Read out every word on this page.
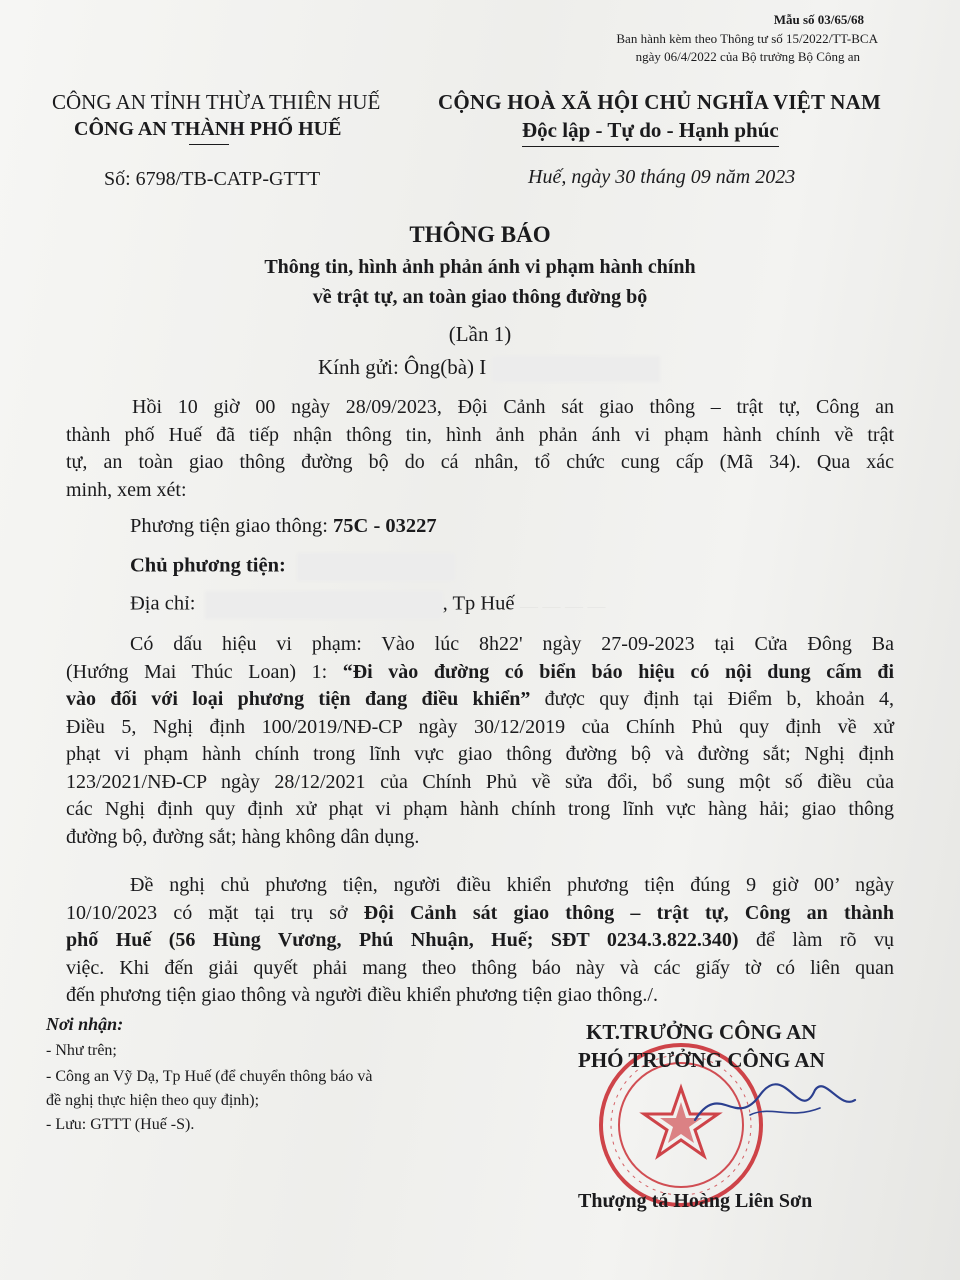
— — — —
Mẫu số 03/65/68
Ban hành kèm theo Thông tư số 15/2022/TT-BCA
ngày 06/4/2022 của Bộ trưởng Bộ Công an
CÔNG AN TỈNH THỪA THIÊN HUẾ
CÔNG AN THÀNH PHỐ HUẾ
CỘNG HOÀ XÃ HỘI CHỦ NGHĨA VIỆT NAM
Độc lập - Tự do - Hạnh phúc
Số: 6798/TB-CATP-GTTT	Huế, ngày 30 tháng 09 năm 2023
THÔNG BÁO
Thông tin, hình ảnh phản ánh vi phạm hành chính
về trật tự, an toàn giao thông đường bộ
(Lần 1)
Kính gửi: Ông(bà) I
Hồi 10 giờ 00 ngày 28/09/2023, Đội Cảnh sát giao thông – trật tự, Công an
thành phố Huế đã tiếp nhận thông tin, hình ảnh phản ánh vi phạm hành chính về trật
tự, an toàn giao thông đường bộ do cá nhân, tổ chức cung cấp (Mã 34). Qua xác
minh, xem xét:
Phương tiện giao thông: 75C - 03227
Chủ phương tiện:
Địa chỉ:	, Tp Huế
Có dấu hiệu vi phạm: Vào lúc 8h22' ngày 27-09-2023 tại Cửa Đông Ba
(Hướng Mai Thúc Loan) 1: “Đi vào đường có biển báo hiệu có nội dung cấm đi
vào đối với loại phương tiện đang điều khiển” được quy định tại Điểm b, khoản 4,
Điều 5, Nghị định 100/2019/NĐ-CP ngày 30/12/2019 của Chính Phủ quy định về xử
phạt vi phạm hành chính trong lĩnh vực giao thông đường bộ và đường sắt; Nghị định
123/2021/NĐ-CP ngày 28/12/2021 của Chính Phủ về sửa đổi, bổ sung một số điều của
các Nghị định quy định xử phạt vi phạm hành chính trong lĩnh vực hàng hải; giao thông
đường bộ, đường sắt; hàng không dân dụng.
Đề nghị chủ phương tiện, người điều khiển phương tiện đúng 9 giờ 00’ ngày
10/10/2023 có mặt tại trụ sở Đội Cảnh sát giao thông – trật tự, Công an thành
phố Huế (56 Hùng Vương, Phú Nhuận, Huế; SĐT 0234.3.822.340) để làm rõ vụ
việc. Khi đến giải quyết phải mang theo thông báo này và các giấy tờ có liên quan
đến phương tiện giao thông và người điều khiển phương tiện giao thông./.
Nơi nhận:
- Như trên;
- Công an Vỹ Dạ, Tp Huế (để chuyển thông báo và
đề nghị thực hiện theo quy định);
- Lưu: GTTT (Huế -S).
KT.TRƯỞNG CÔNG AN
PHÓ TRƯỞNG CÔNG AN
Thượng tá Hoàng Liên Sơn
